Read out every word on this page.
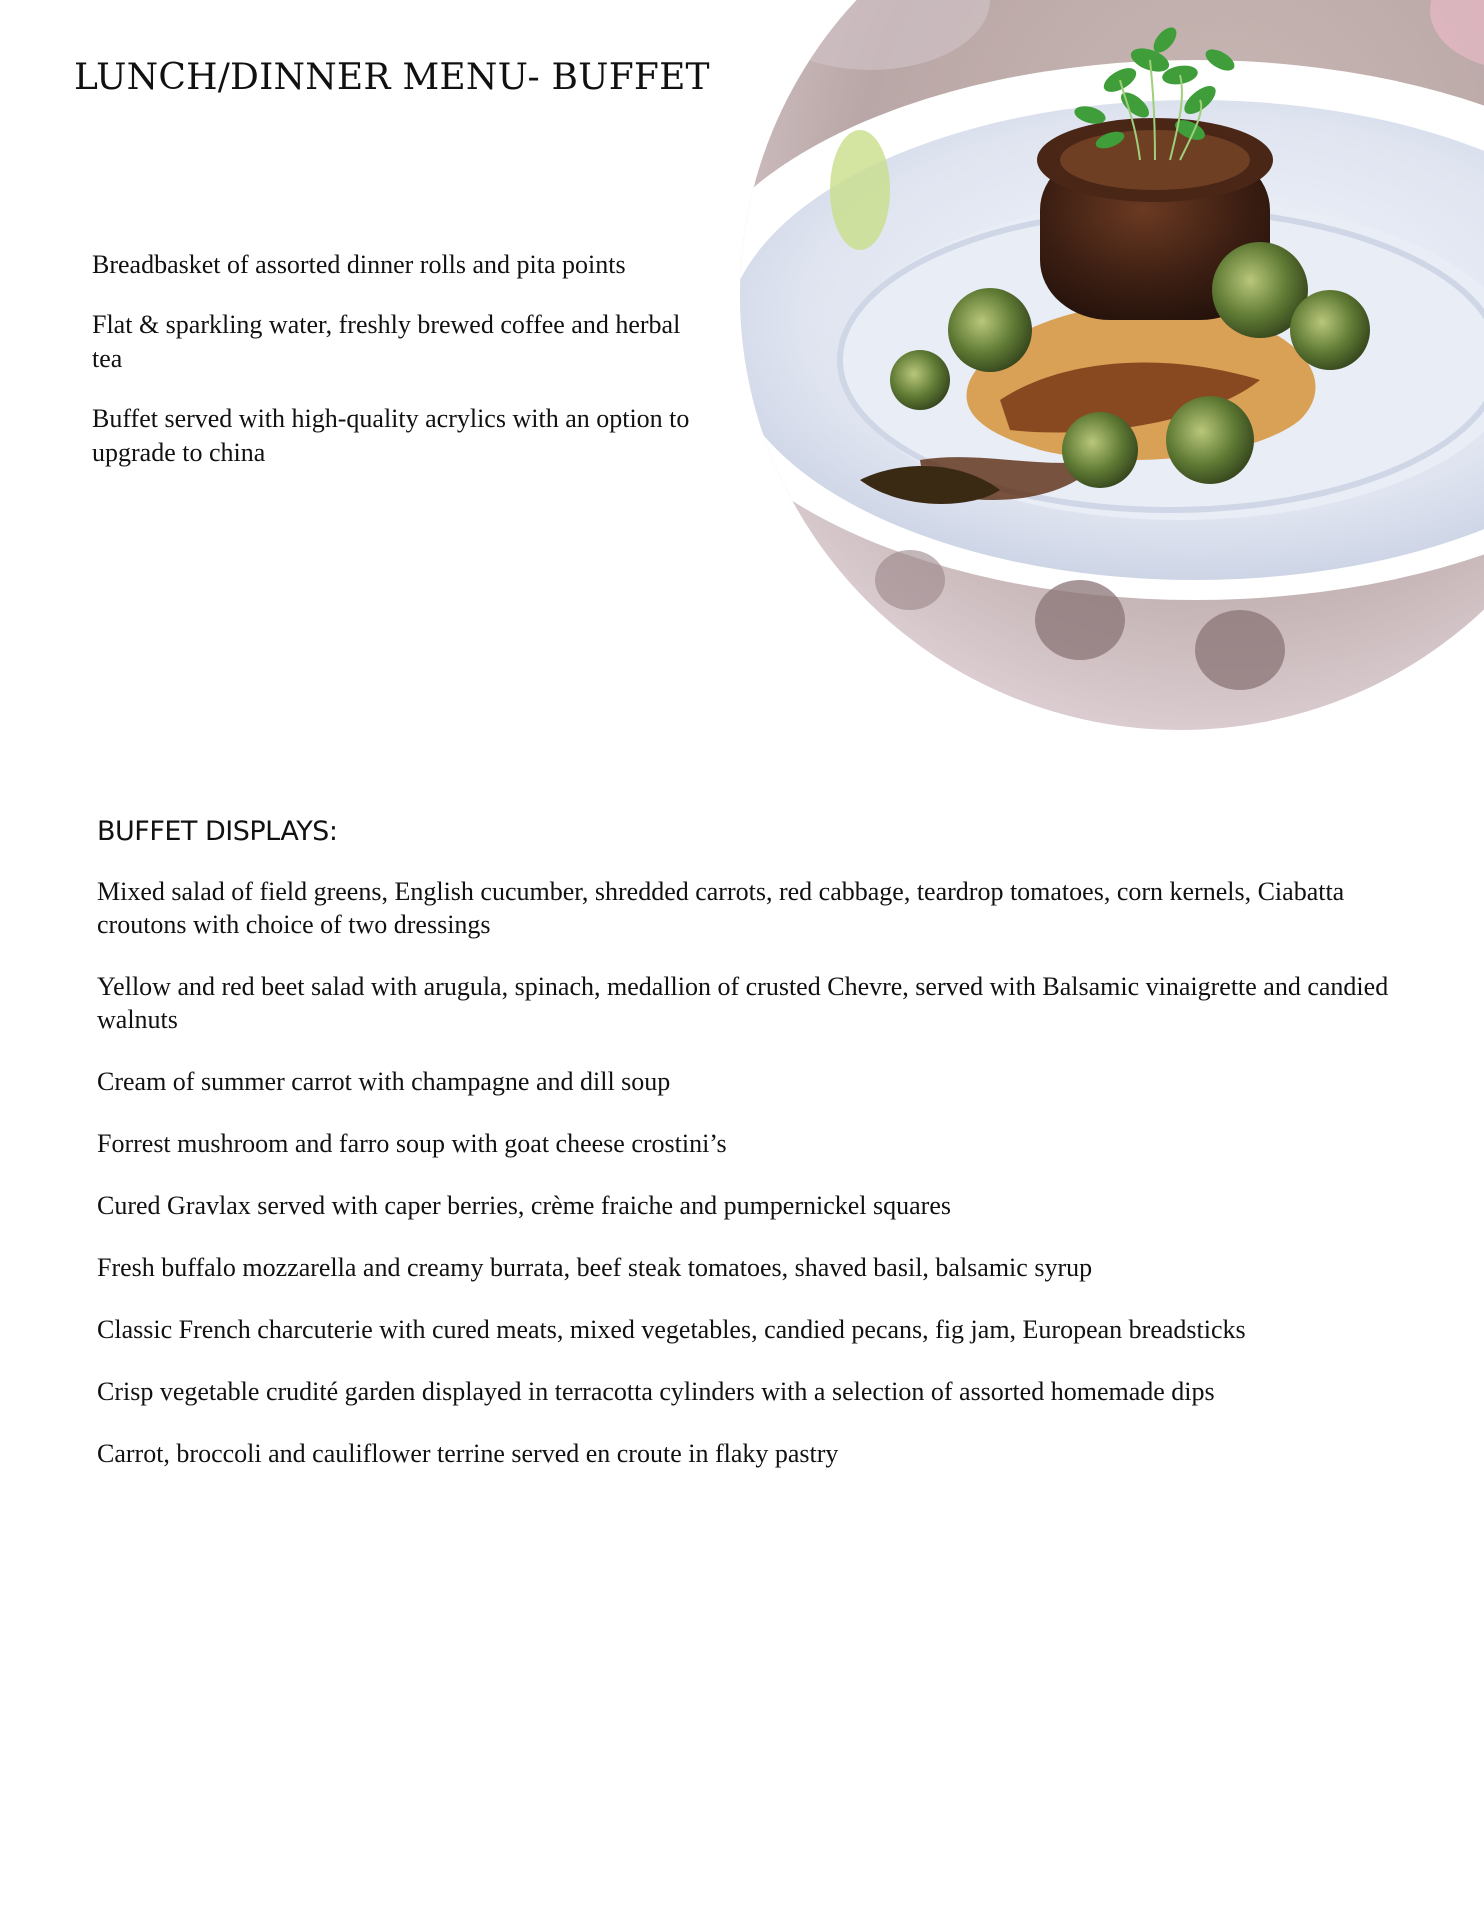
LUNCH/DINNER MENU- BUFFET

Breadbasket of assorted dinner rolls and pita points

Flat & sparkling water, freshly brewed coffee and herbal tea

Buffet served with high-quality acrylics with an option to upgrade to china

BUFFET DISPLAYS:
Mixed salad of field greens, English cucumber, shredded carrots, red cabbage, teardrop tomatoes, corn kernels, Ciabatta croutons with choice of two dressings
Yellow and red beet salad with arugula, spinach, medallion of crusted Chevre, served with Balsamic vinaigrette and candied walnuts
Cream of summer carrot with champagne and dill soup
Forrest mushroom and farro soup with goat cheese crostini’s
Cured Gravlax served with caper berries, crème fraiche and pumpernickel squares
Fresh buffalo mozzarella and creamy burrata, beef steak tomatoes, shaved basil, balsamic syrup
Classic French charcuterie with cured meats, mixed vegetables, candied pecans, fig jam, European breadsticks
Crisp vegetable crudité garden displayed in terracotta cylinders with a selection of assorted homemade dips
Carrot, broccoli and cauliflower terrine served en croute in flaky pastry
